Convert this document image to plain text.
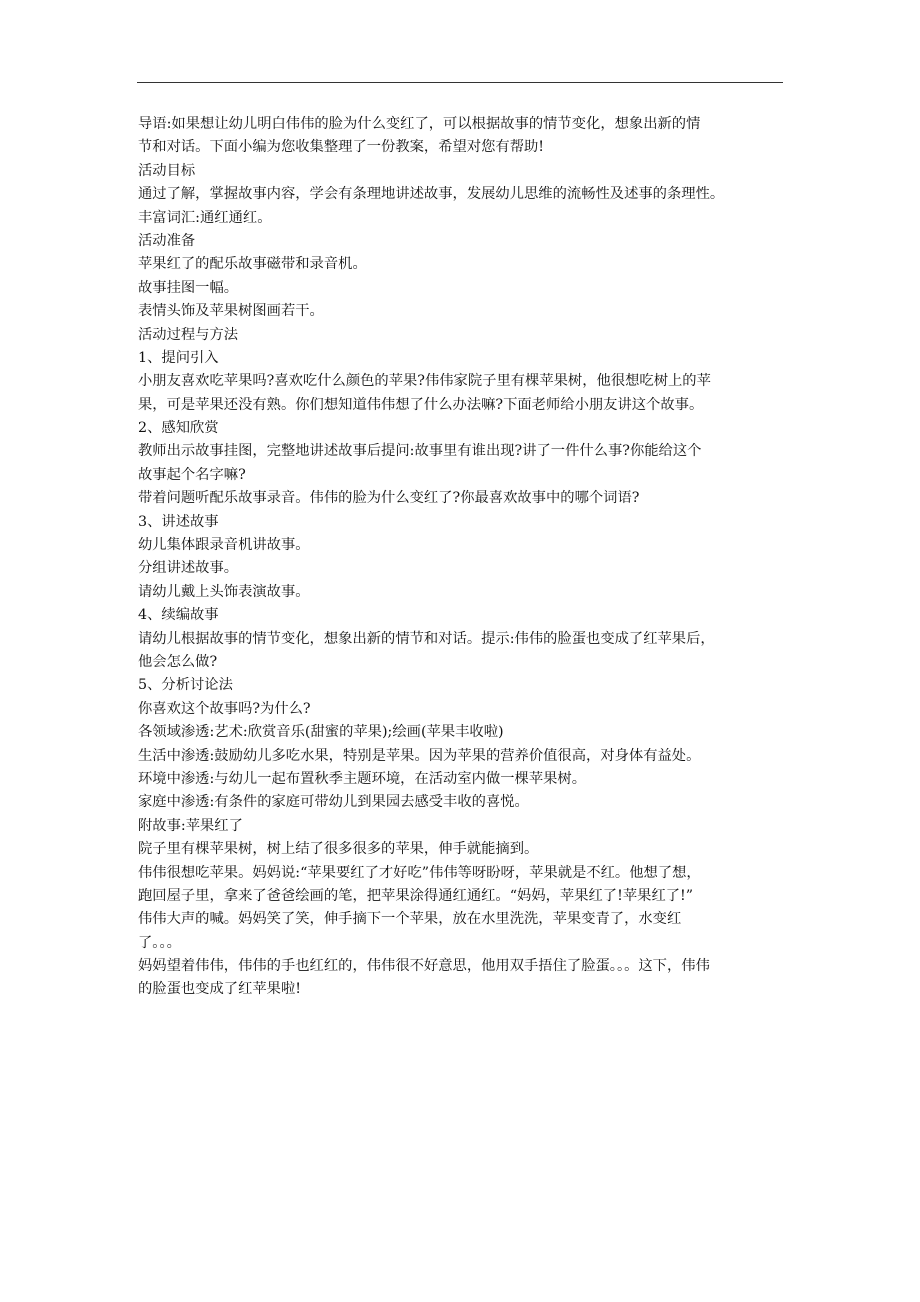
导语:如果想让幼儿明白伟伟的脸为什么变红了，可以根据故事的情节变化，想象出新的情
节和对话。下面小编为您收集整理了一份教案，希望对您有帮助!
活动目标
通过了解，掌握故事内容，学会有条理地讲述故事，发展幼儿思维的流畅性及述事的条理性。
丰富词汇:通红通红。
活动准备
苹果红了的配乐故事磁带和录音机。
故事挂图一幅。
表情头饰及苹果树图画若干。
活动过程与方法
1、提问引入
小朋友喜欢吃苹果吗?喜欢吃什么颜色的苹果?伟伟家院子里有棵苹果树，他很想吃树上的苹
果，可是苹果还没有熟。你们想知道伟伟想了什么办法嘛?下面老师给小朋友讲这个故事。
2、感知欣赏
教师出示故事挂图，完整地讲述故事后提问:故事里有谁出现?讲了一件什么事?你能给这个
故事起个名字嘛?
带着问题听配乐故事录音。伟伟的脸为什么变红了?你最喜欢故事中的哪个词语?
3、讲述故事
幼儿集体跟录音机讲故事。
分组讲述故事。
请幼儿戴上头饰表演故事。
4、续编故事
请幼儿根据故事的情节变化，想象出新的情节和对话。提示:伟伟的脸蛋也变成了红苹果后，
他会怎么做?
5、分析讨论法
你喜欢这个故事吗?为什么?
各领域渗透:艺术:欣赏音乐(甜蜜的苹果);绘画(苹果丰收啦)
生活中渗透:鼓励幼儿多吃水果，特别是苹果。因为苹果的营养价值很高，对身体有益处。
环境中渗透:与幼儿一起布置秋季主题环境，在活动室内做一棵苹果树。
家庭中渗透:有条件的家庭可带幼儿到果园去感受丰收的喜悦。
附故事:苹果红了
院子里有棵苹果树，树上结了很多很多的苹果，伸手就能摘到。
伟伟很想吃苹果。妈妈说:“苹果要红了才好吃”伟伟等呀盼呀，苹果就是不红。他想了想，
跑回屋子里，拿来了爸爸绘画的笔，把苹果涂得通红通红。“妈妈，苹果红了!苹果红了!”
伟伟大声的喊。妈妈笑了笑，伸手摘下一个苹果，放在水里洗洗，苹果变青了，水变红
了。。。
妈妈望着伟伟，伟伟的手也红红的，伟伟很不好意思，他用双手捂住了脸蛋。。。这下，伟伟
的脸蛋也变成了红苹果啦!
